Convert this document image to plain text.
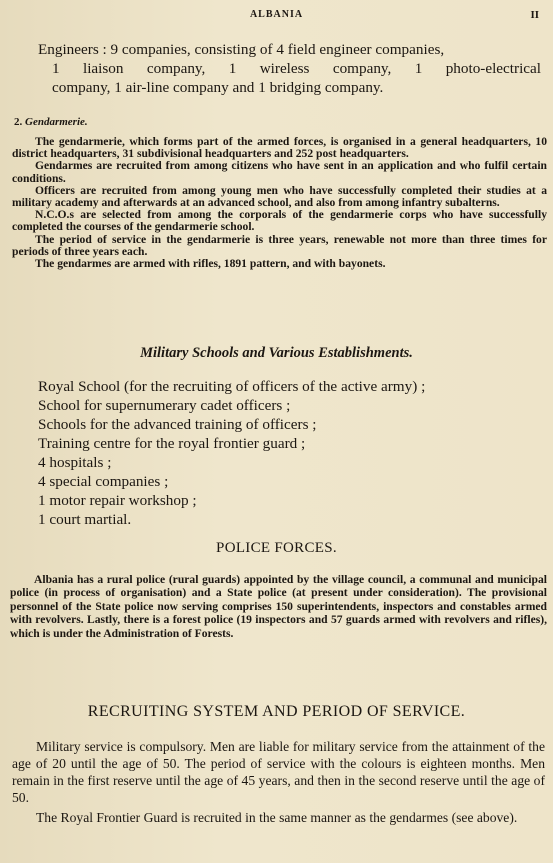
ALBANIA	II

Engineers : 9 companies, consisting of 4 field engineer companies,

1 liaison company, 1 wireless company, 1 photo-electrical

company, 1 air-line company and 1 bridging company.

2. Gendarmerie.

The gendarmerie, which forms part of the armed forces, is organised in a general headquarters, 10 district headquarters, 31 subdivisional headquarters and 252 post headquarters.

Gendarmes are recruited from among citizens who have sent in an application and who fulfil certain conditions.

Officers are recruited from among young men who have successfully completed their studies at a military academy and afterwards at an advanced school, and also from among infantry subalterns.

N.C.O.s are selected from among the corporals of the gendarmerie corps who have successfully completed the courses of the gendarmerie school.

The period of service in the gendarmerie is three years, renewable not more than three times for periods of three years each.

The gendarmes are armed with rifles, 1891 pattern, and with bayonets.

Military Schools and Various Establishments.

Royal School (for the recruiting of officers of the active army) ;

School for supernumerary cadet officers ;

Schools for the advanced training of officers ;

Training centre for the royal frontier guard ;

4 hospitals ;

4 special companies ;

1 motor repair workshop ;

1 court martial.

POLICE FORCES.

Albania has a rural police (rural guards) appointed by the village council, a communal and municipal police (in process of organisation) and a State police (at present under consideration). The provisional personnel of the State police now serving comprises 150 superintendents, inspectors and constables armed with revolvers. Lastly, there is a forest police (19 inspectors and 57 guards armed with revolvers and rifles), which is under the Administration of Forests.

RECRUITING SYSTEM AND PERIOD OF SERVICE.

Military service is compulsory. Men are liable for military service from the attainment of the age of 20 until the age of 50. The period of service with the colours is eighteen months. Men remain in the first reserve until the age of 45 years, and then in the second reserve until the age of 50.

The Royal Frontier Guard is recruited in the same manner as the gendarmes (see above).
